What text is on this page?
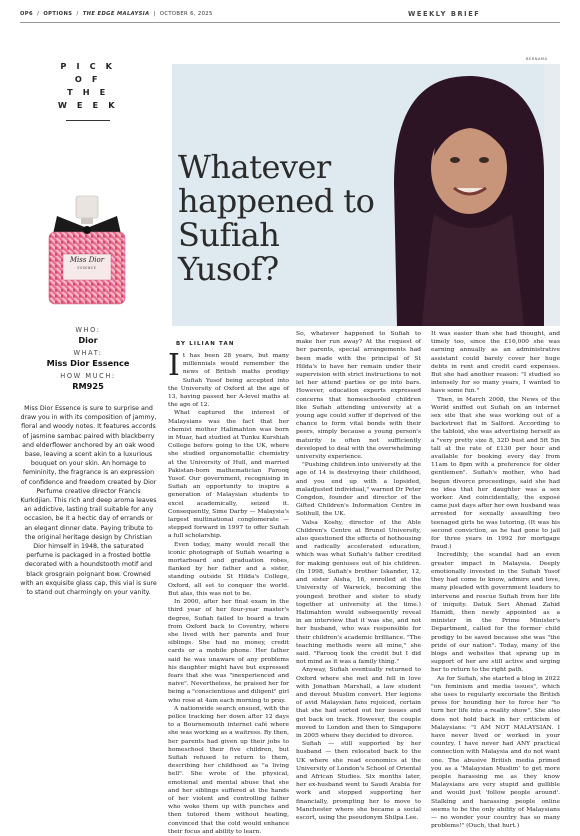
OP6  /  OPTIONS  /  THE EDGE MALAYSIA  |  OCTOBER 6, 2025	WEEKLY BRIEF
P I C K
O F
T H E
W E E K
Miss Dior
ESSENCE
WHO:
Dior
WHAT:
Miss Dior Essence
HOW MUCH:
RM925
Miss Dior Essence is sure to surprise and draw you in with its composition of jammy, floral and woody notes. It features accords of jasmine sambac paired with blackberry and elderflower anchored by an oak wood base, leaving a scent akin to a luxurious bouquet on your skin. An homage to femininity, the fragrance is an expression of confidence and freedom created by Dior Perfume creative director Francis Kurkdjian. This rich and deep aroma leaves an addictive, lasting trail suitable for any occasion, be it a hectic day of errands or an elegant dinner date. Paying tribute to the original heritage design by Christian Dior himself in 1948, the saturated perfume is packaged in a frosted bottle decorated with a houndstooth motif and black grosgrain poignant bow. Crowned with an exquisite glass cap, this vial is sure to stand out charmingly on your vanity.
BERNAMA
Whatever happened to Sufiah Yusof?
BY LILIAN TAN
I t has been 28 years, but many millennials would remember the news of British maths prodigy Sufiah Yusof being accepted into the University of Oxford at the age of 13, having passed her A-level maths at the age of 12.

What captured the interest of Malaysians was the fact that her chemist mother Halimahton was born in Muar, had studied at Tunku Kurshiah College before going to the UK, where she studied organometallic chemistry at the University of Hull, and married Pakistan-born mathematician Farooq Yusof. Our government, recognising in Sufiah an opportunity to inspire a generation of Malaysian students to excel academically, seized it. Consequently, Sime Darby — Malaysia's largest multinational conglomerate — stepped forward in 1997 to offer Sufiah a full scholarship.

Even today, many would recall the iconic photograph of Sufiah wearing a mortarboard and graduation robes, flanked by her father and a sister, standing outside St Hilda's College, Oxford, all set to conquer the world. But alas, this was not to be.

In 2000, after her final exam in the third year of her four-year master's degree, Sufiah failed to board a train from Oxford back to Coventry, where she lived with her parents and four siblings. She had no money, credit cards or a mobile phone. Her father said he was unaware of any problems his daughter might have but expressed fears that she was "inexperienced and naive". Nevertheless, he praised her for being a "conscientious and diligent" girl who rose at 4am each morning to pray.

A nationwide search ensued, with the police tracking her down after 12 days to a Bournemouth internet café where she was working as a waitress. By then, her parents had given up their jobs to homeschool their five children, but Sufiah refused to return to them, describing her childhood as "a living hell". She wrote of the physical, emotional and mental abuse that she and her siblings suffered at the hands of her violent and controlling father who woke them up with punches and then tutored them without heating, convinced that the cold would enhance their focus and ability to learn.

So, whatever happened to Sufiah to make her run away? At the request of her parents, special arrangements had been made with the principal of St Hilda's to have her remain under their supervision with strict instructions to not let her attend parties or go into bars. However, education experts expressed concerns that homeschooled children like Sufiah attending university at a young age could suffer if deprived of the chance to form vital bonds with their peers, simply because a young person's maturity is often not sufficiently developed to deal with the overwhelming university experience.

"Pushing children into university at the age of 14 is destroying their childhood, and you end up with a lopsided, maladjusted individual," warned Dr Peter Congdon, founder and director of the Gifted Children's Information Centre in Solihull, the UK.

Valsa Koshy, director of the Able Children's Centre at Brunel University, also questioned the effects of hothousing and radically accelerated education, which was what Sufiah's father credited for making geniuses out of his children. (In 1998, Sufiah's brother Iskander, 12, and sister Aisha, 16, enrolled at the University of Warwick, becoming the youngest brother and sister to study together at university at the time.) Halimahton would subsequently reveal in an interview that it was she, and not her husband, who was responsible for their children's academic brilliance. "The teaching methods were all mine," she said. "Farooq took the credit but I did not mind as it was a family thing."

Anyway, Sufiah eventually returned to Oxford where she met and fell in love with Jonathan Marshall, a law student and devout Muslim convert. Her legions of avid Malaysian fans rejoiced, certain that she had sorted out her issues and got back on track. However, the couple moved to London and then to Singapore in 2005 where they decided to divorce.

Sufiah — still supported by her husband — then relocated back to the UK where she read economics at the University of London's School of Oriental and African Studies. Six months later, her ex-husband went to Saudi Arabia for work and stopped supporting her financially, prompting her to move to Manchester where she became a social escort, using the pseudonym Shilpa Lee.

It was easier than she had thought, and timely too, since the £16,000 she was earning annually as an administrative assistant could barely cover her huge debts in rent and credit card expenses. But she had another reason: "I studied so intensely for so many years, I wanted to have some fun."

Then, in March 2008, the News of the World sniffed out Sufiah on an internet sex site that she was working out of a backstreet flat in Salford. According to the tabloid, she was advertising herself as a "very pretty size 8, 32D bust and 5ft 5in tall at the rate of £130 per hour and available for booking every day from 11am to 8pm with a preference for older gentlemen". Sufiah's mother, who had begun divorce proceedings, said she had no idea that her daughter was a sex worker. And coincidentally, the exposé came just days after her own husband was arrested for sexually assaulting two teenaged girls he was tutoring. (It was his second conviction, as he had gone to jail for three years in 1992 for mortgage fraud.)

Incredibly, the scandal had an even greater impact in Malaysia. Deeply emotionally invested in the Sufiah Yusof they had come to know, admire and love, many pleaded with government leaders to intervene and rescue Sufiah from her life of iniquity. Datuk Seri Ahmad Zahid Hamidi, then newly appointed as a minister in the Prime Minister's Department, called for the former child prodigy to be saved because she was "the pride of our nation". Today, many of the blogs and websites that sprang up in support of her are still active and urging her to return to the right path.

As for Sufiah, she started a blog in 2022 "on feminism and media issues", which she uses to regularly excoriate the British press for hounding her to force her "to turn her life into a reality show". She also does not hold back in her criticism of Malaysians: "I AM NOT MALAYSIAN. I have never lived or worked in your country. I have never had ANY practical connection with Malaysia and do not want one. The abusive British media primed you as a 'Malaysian Muslim' to get more people harassing me as they know Malaysians are very stupid and gullible and would just 'follow people around'. Stalking and harassing people online seems to be the only ability of Malaysians — no wonder your country has so many problems!" (Ouch, that hurt.)
